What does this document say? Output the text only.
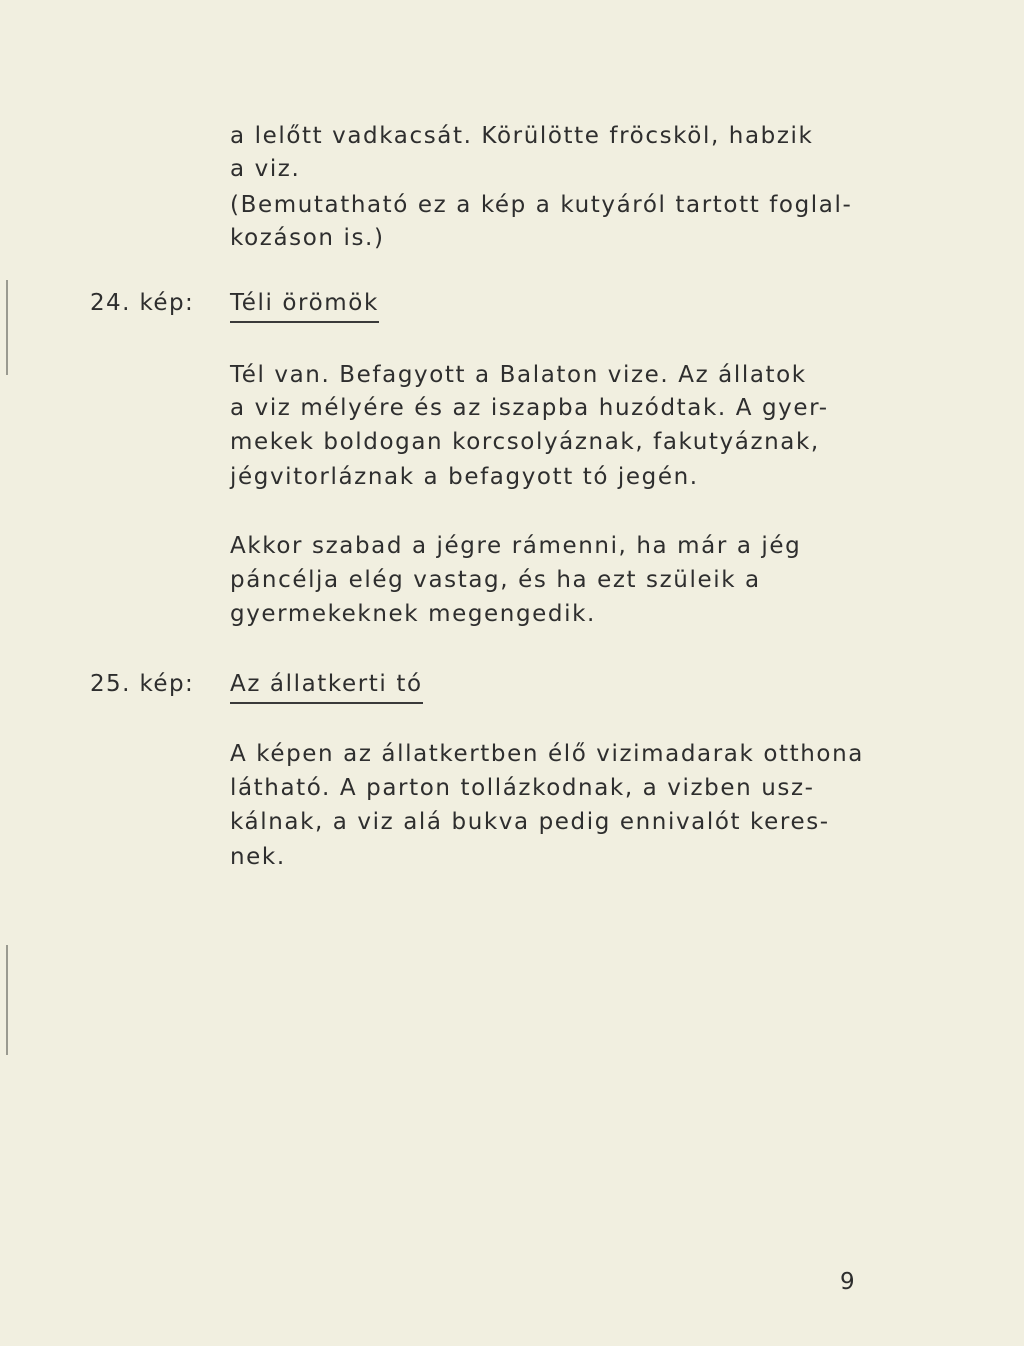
a lelőtt vadkacsát. Körülötte fröcsköl, habzik
a viz.
(Bemutatható ez a kép a kutyáról tartott foglal-
kozáson is.)
24. kép: Téli örömök
Tél van. Befagyott a Balaton vize. Az állatok
a viz mélyére és az iszapba huzódtak. A gyer-
mekek boldogan korcsolyáznak, fakutyáznak,
jégvitorláznak a befagyott tó jegén.
Akkor szabad a jégre rámenni, ha már a jég
páncélja elég vastag, és ha ezt szüleik a
gyermekeknek megengedik.
25. kép: Az állatkerti tó
A képen az állatkertben élő vizimadarak otthona
látható. A parton tollázkodnak, a vizben usz-
kálnak, a viz alá bukva pedig ennivalót keres-
nek.
9
